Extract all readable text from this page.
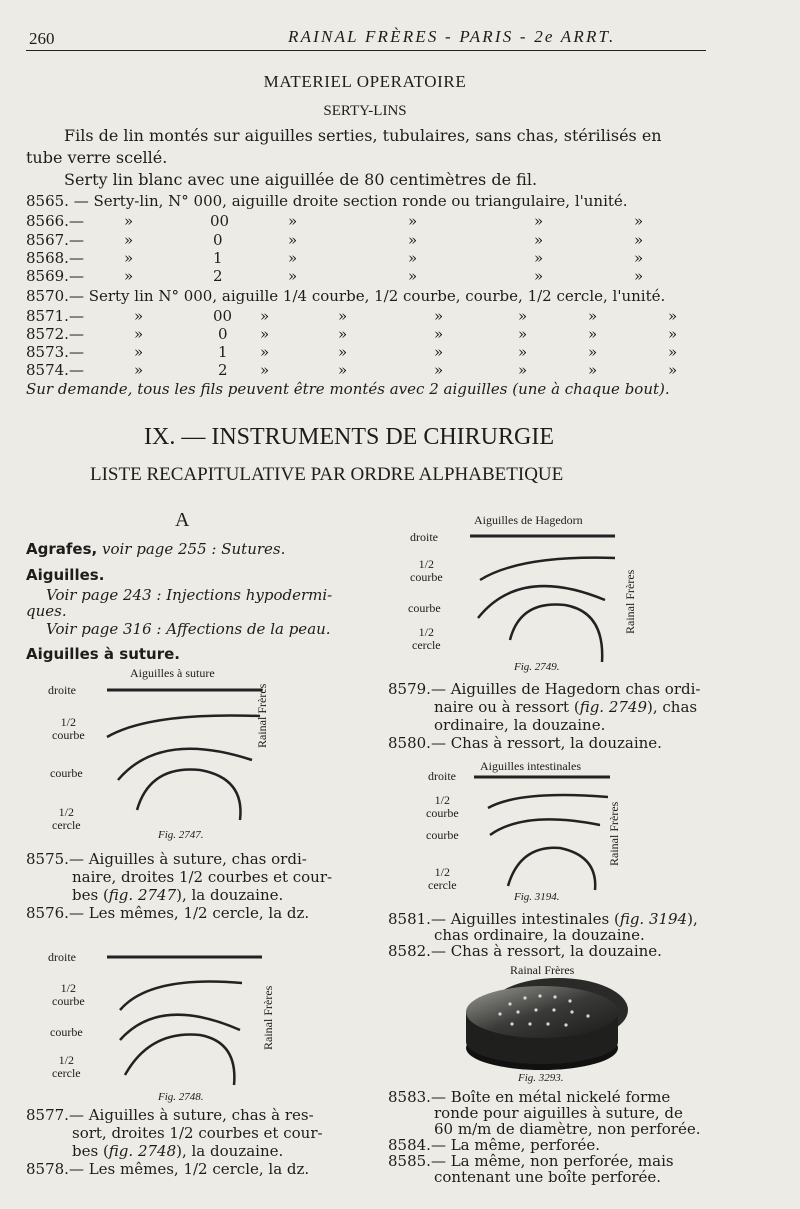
260	RAINAL FRÈRES - PARIS - 2e ARRT.
MATERIEL OPERATOIRE
SERTY-LINS
Fils de lin montés sur aiguilles serties, tubulaires, sans chas, stérilisés en
tube verre scellé.
Serty lin blanc avec une aiguillée de 80 centimètres de fil.
8565. — Serty-lin, N° 000, aiguille droite section ronde ou triangulaire, l'unité.
8566.—	»	00	»	»	»	»
8567.—	»	0	»	»	»	»
8568.—	»	1	»	»	»	»
8569.—	»	2	»	»	»	»
8570.— Serty lin N° 000, aiguille 1/4 courbe, 1/2 courbe, courbe, 1/2 cercle, l'unité.
8571.—	»	00 »	»	»	»	»	»
8572.—	»	0 »	»	»	»	»	»
8573.—	»	1 »	»	»	»	»	»
8574.—	»	2 »	»	»	»	»	»
Sur demande, tous les fils peuvent être montés avec 2 aiguilles (une à chaque bout).
IX. — INSTRUMENTS DE CHIRURGIE
LISTE RECAPITULATIVE PAR ORDRE ALPHABETIQUE
A
Agrafes, voir page 255 : Sutures.
Aiguilles.
Voir page 243 : Injections hypodermi-
ques.
Voir page 316 : Affections de la peau.
Aiguilles à suture.
Aiguilles à suture
droite
1/2
courbe
courbe
1/2
cercle
Rainal Frères
Fig. 2747.
8575.— Aiguilles à suture, chas ordi-
naire, droites 1/2 courbes et cour-
bes (fig. 2747), la douzaine.
8576.— Les mêmes, 1/2 cercle, la dz.
droite
1/2
courbe
courbe
1/2
cercle
Rainal Frères
Fig. 2748.
8577.— Aiguilles à suture, chas à res-
sort, droites 1/2 courbes et cour-
bes (fig. 2748), la douzaine.
8578.— Les mêmes, 1/2 cercle, la dz.
Aiguilles de Hagedorn
droite
1/2
courbe
courbe
1/2
cercle
Rainal Frères
Fig. 2749.
8579.— Aiguilles de Hagedorn chas ordi-
naire ou à ressort (fig. 2749), chas
ordinaire, la douzaine.
8580.— Chas à ressort, la douzaine.
Aiguilles intestinales
droite
1/2
courbe
courbe
1/2
cercle
Rainal Frères
Fig. 3194.
8581.— Aiguilles intestinales (fig. 3194),
chas ordinaire, la douzaine.
8582.— Chas à ressort, la douzaine.
Rainal Frères
Fig. 3293.
8583.— Boîte en métal nickelé forme
ronde pour aiguilles à suture, de
60 m/m de diamètre, non perforée.
8584.— La même, perforée.
8585.— La même, non perforée, mais
contenant une boîte perforée.
